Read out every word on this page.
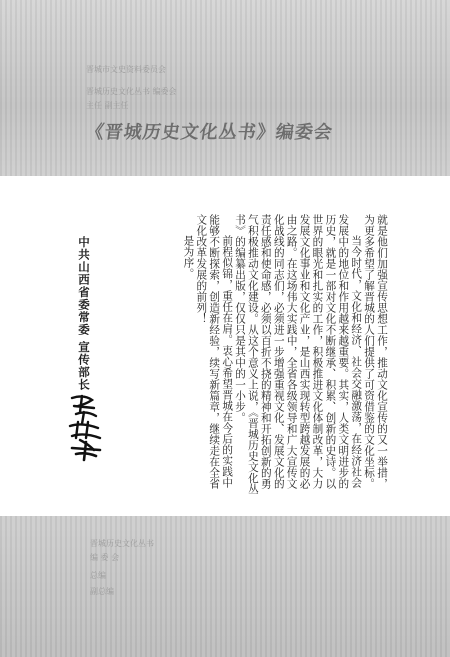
晋城市文史资料委员会
晋城历史文化丛书 编委会
主任 副主任
《晋城历史文化丛书》编委会

就是他们加强宣传思想工作，推动文化宣传的又一举措，为更多希望了解晋城的人们提供了可资借鉴的文化坐标。

当今时代，文化和经济、社会交融激荡，在经济社会发展中的地位和作用越来越重要。其实，人类文明进步的历史，就是一部对文化不断继承、积累、创新的史诗。以世界的眼光和扎实的工作，积极推进文化体制改革，大力发展文化事业和文化产业，是山西实现转型跨越发展的必由之路。在这场伟大实践中，全省各级领导和广大宣传文化战线的同志们，必须进一步增强重视文化、发展文化的责任感和使命感，必须以百折不挠的精神和开拓创新的勇气积极推动文化建设。从这个意义上说，《晋城历史文化丛书》的编纂出版，仅仅只是其中的一小步。

前程似锦，重任在肩。衷心希望晋城在今后的实践中能够不断探索，创造新经验，续写新篇章，继续走在全省文化改革发展的前列！

是为序。

中共山西省委常委 宣传部长
晋城历史文化丛书
编 委 会
总编
副总编
